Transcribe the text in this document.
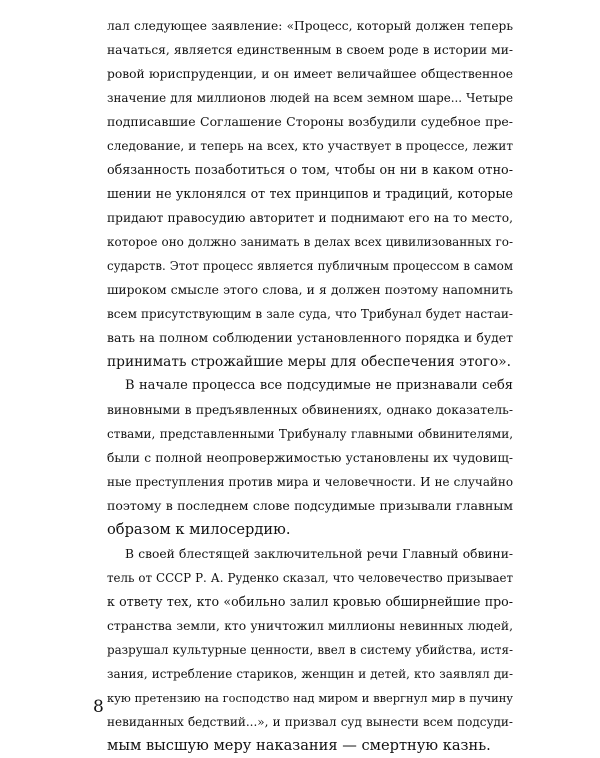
лал следующее заявление: «Процесс, который должен теперь
начаться, является единственным в своем роде в истории ми-
ровой юриспруденции, и он имеет величайшее общественное
значение для миллионов людей на всем земном шаре... Четыре
подписавшие Соглашение Стороны возбудили судебное пре-
следование, и теперь на всех, кто участвует в процессе, лежит
обязанность позаботиться о том, чтобы он ни в каком отно-
шении не уклонялся от тех принципов и традиций, которые
придают правосудию авторитет и поднимают его на то место,
которое оно должно занимать в делах всех цивилизованных го-
сударств. Этот процесс является публичным процессом в самом
широком смысле этого слова, и я должен поэтому напомнить
всем присутствующим в зале суда, что Трибунал будет настаи-
вать на полном соблюдении установленного порядка и будет
принимать строжайшие меры для обеспечения этого».
В начале процесса все подсудимые не признавали себя
виновными в предъявленных обвинениях, однако доказатель-
ствами, представленными Трибуналу главными обвинителями,
были с полной неопровержимостью установлены их чудовищ-
ные преступления против мира и человечности. И не случайно
поэтому в последнем слове подсудимые призывали главным
образом к милосердию.
В своей блестящей заключительной речи Главный обвини-
тель от СССР Р. А. Руденко сказал, что человечество призывает
к ответу тех, кто «обильно залил кровью обширнейшие про-
странства земли, кто уничтожил миллионы невинных людей,
разрушал культурные ценности, ввел в систему убийства, истя-
зания, истребление стариков, женщин и детей, кто заявлял ди-
кую претензию на господство над миром и ввергнул мир в пучину
невиданных бедствий...», и призвал суд вынести всем подсуди-
мым высшую меру наказания — смертную казнь.
8
